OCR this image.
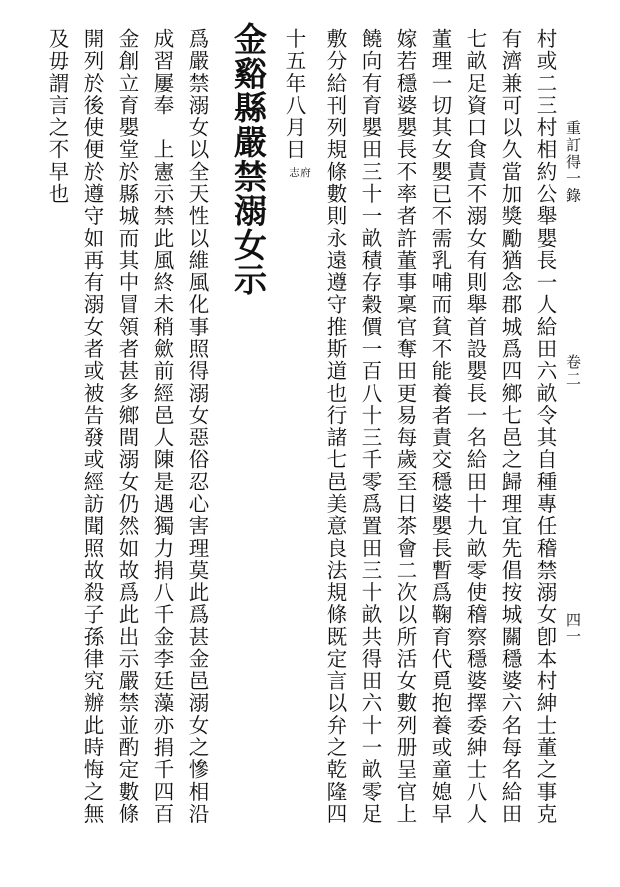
重訂得一錄卷二
四一
村或二三村相約公舉嬰長一人給田六畝令其自種專任稽禁溺女卽本村紳士董之事克
有濟兼可以久當加獎勵猶念郡城爲四鄉七邑之歸理宜先倡按城關穩婆六名每名給田
七畝足資口食責不溺女有則舉首設嬰長一名給田十九畝零使稽察穩婆擇委紳士八人
董理一切其女嬰已不需乳哺而貧不能養者責交穩婆嬰長暫爲鞠育代覓抱養或童媳早
嫁若穩婆嬰長不率者許董事稟官奪田更易每歲至日茶會二次以所活女數列册呈官上
饒向有育嬰田三十一畝積存穀價一百八十三千零爲置田三十畝共得田六十一畝零足
敷分給刊列規條數則永遠遵守推斯道也行諸七邑美意良法規條既定言以弁之乾隆四
十五年八月日
府
志
金谿縣嚴禁溺女示
爲嚴禁溺女以全天性以維風化事照得溺女惡俗忍心害理莫此爲甚金邑溺女之慘相沿
成習屢奉　上憲示禁此風終未稍歛前經邑人陳是遇獨力捐八千金李廷藻亦捐千四百
金創立育嬰堂於縣城而其中冒領者甚多鄉間溺女仍然如故爲此出示嚴禁並酌定數條
開列於後使便於遵守如再有溺女者或被告發或經訪聞照故殺子孫律究辦此時悔之無
及毋謂言之不早也
